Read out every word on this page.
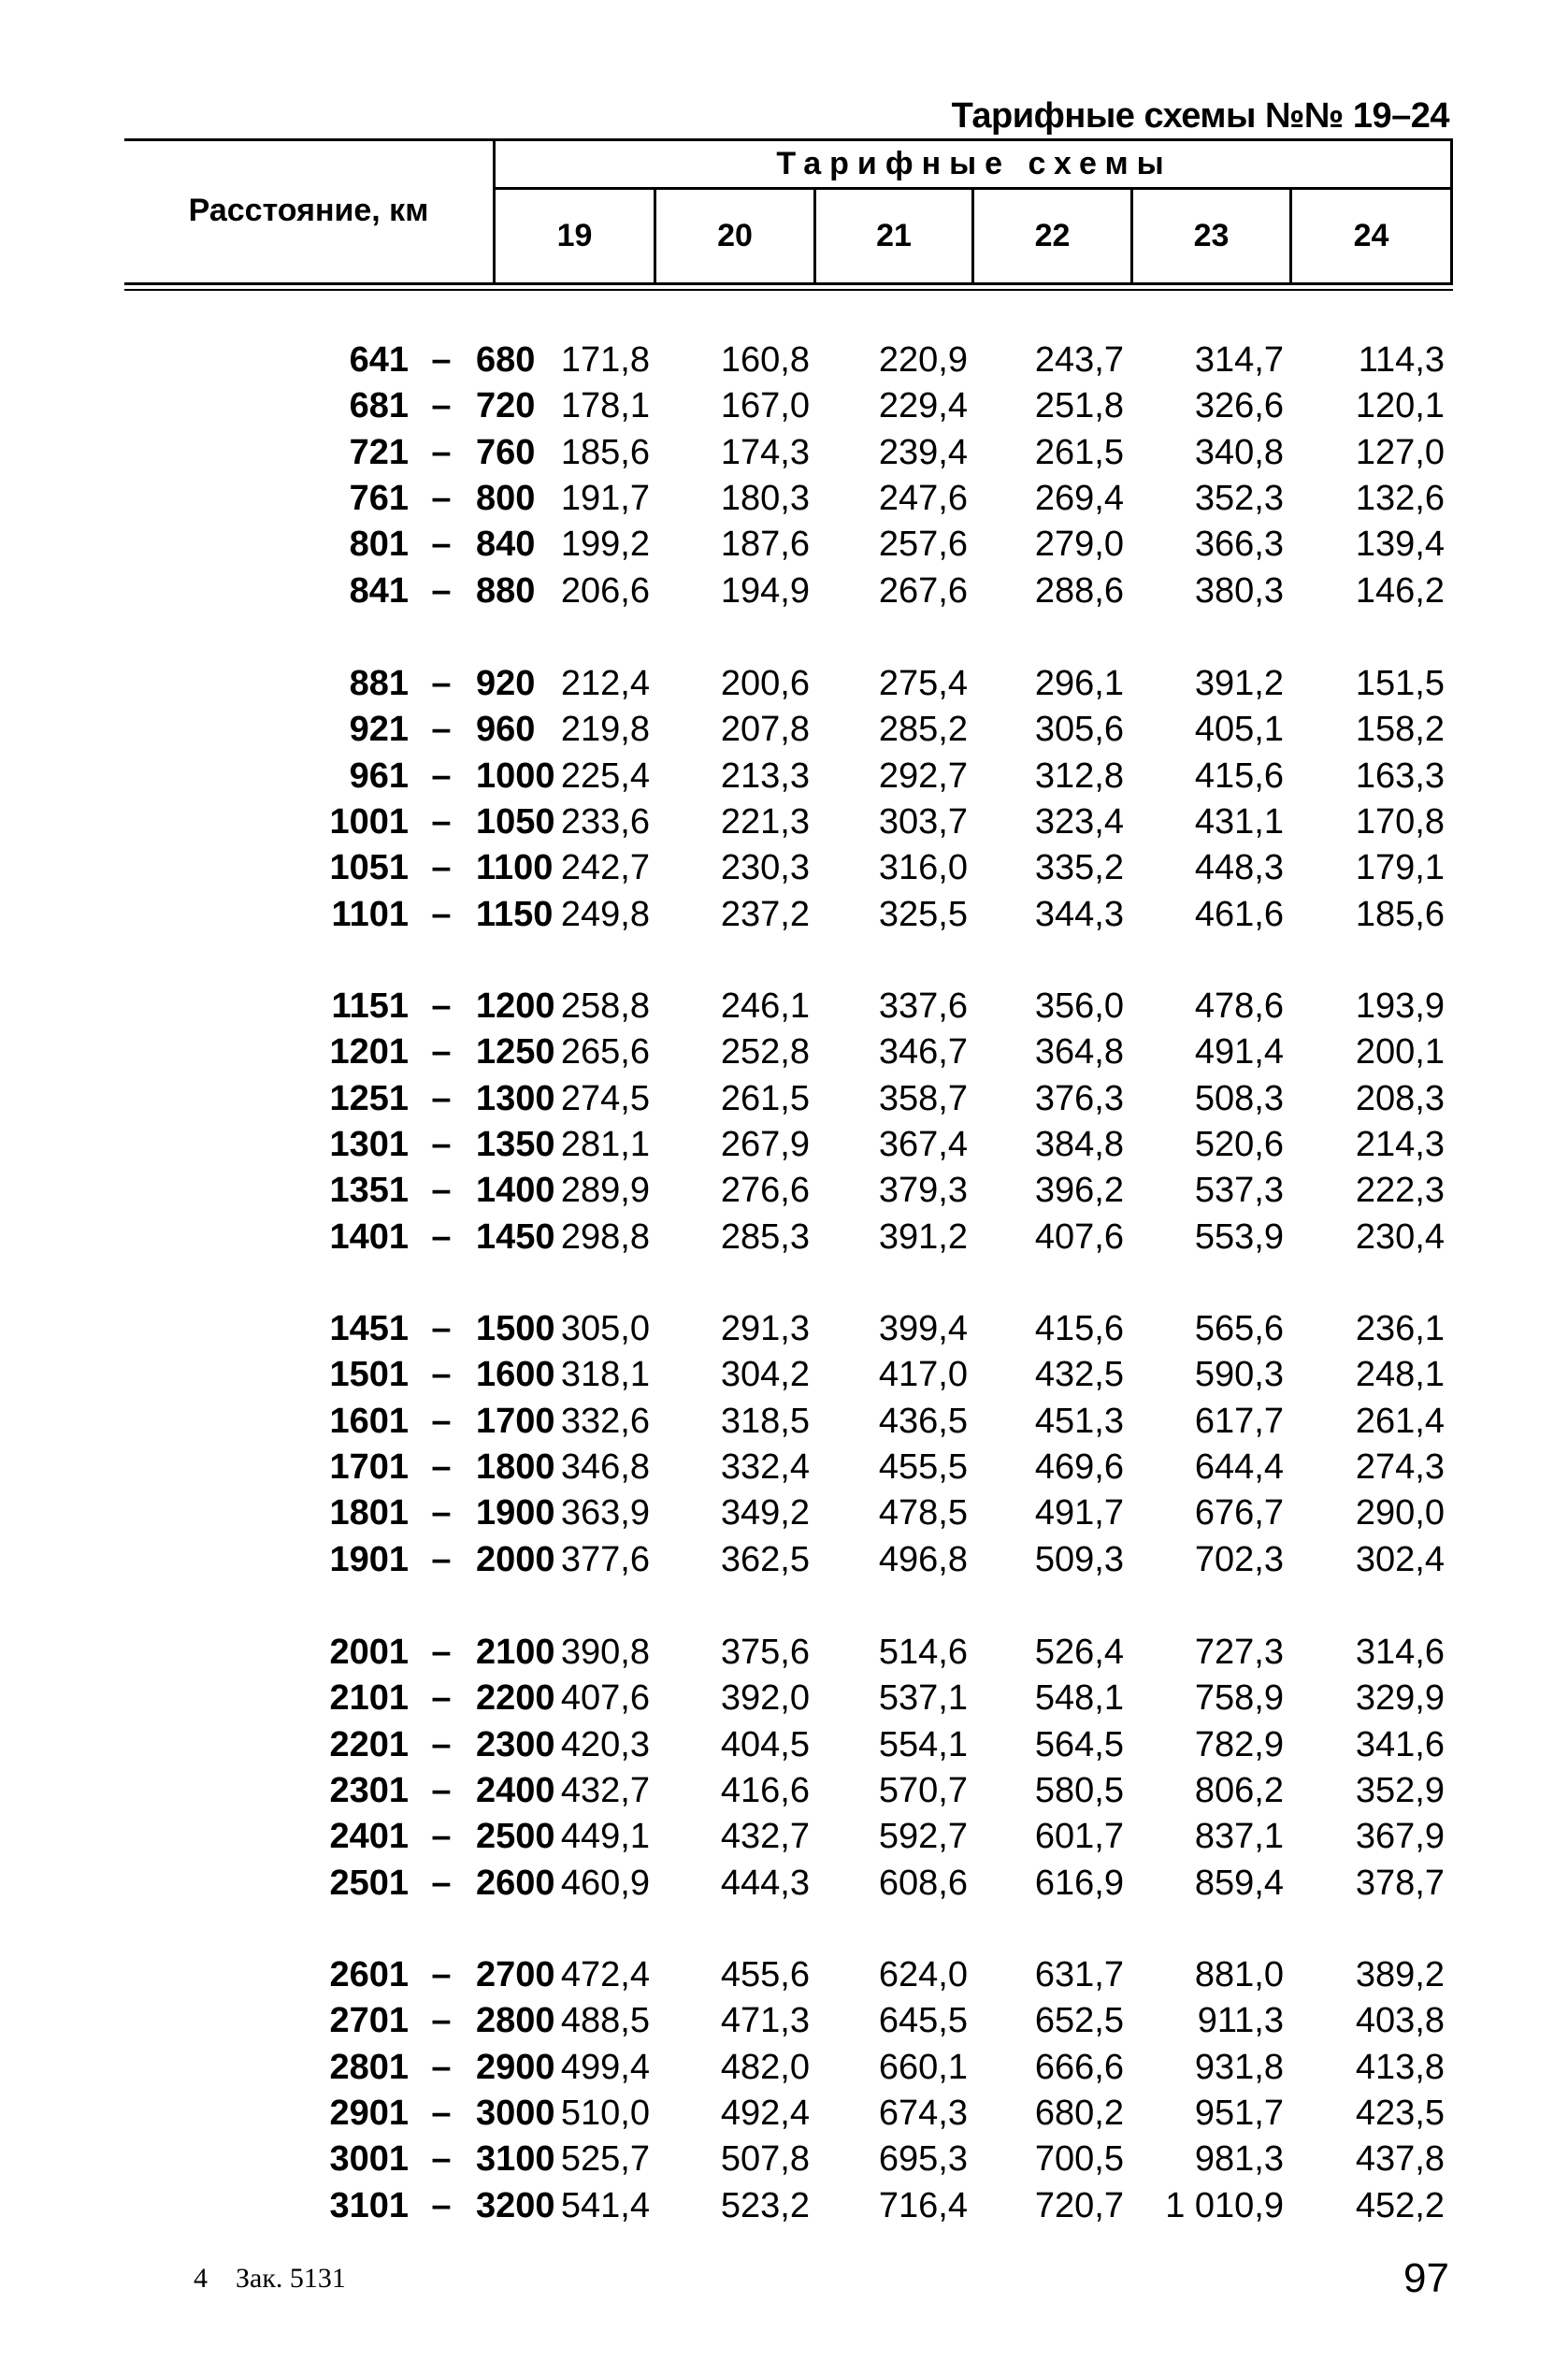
Тарифные схемы №№ 19–24
Расстояние, км
Тарифные схемы
19	20	21	22	23	24
641 – 680 171,8	160,8	220,9	243,7	314,7	114,3
681 – 720 178,1	167,0	229,4	251,8	326,6	120,1
721 – 760 185,6	174,3	239,4	261,5	340,8	127,0
761 – 800 191,7	180,3	247,6	269,4	352,3	132,6
801 – 840 199,2	187,6	257,6	279,0	366,3	139,4
841 – 880 206,6	194,9	267,6	288,6	380,3	146,2
881 – 920 212,4	200,6	275,4	296,1	391,2	151,5
921 – 960 219,8	207,8	285,2	305,6	405,1	158,2
961 – 1000 225,4	213,3	292,7	312,8	415,6	163,3
1001 – 1050 233,6	221,3	303,7	323,4	431,1	170,8
1051 – 1100 242,7	230,3	316,0	335,2	448,3	179,1
1101 – 1150 249,8	237,2	325,5	344,3	461,6	185,6
1151 – 1200 258,8	246,1	337,6	356,0	478,6	193,9
1201 – 1250 265,6	252,8	346,7	364,8	491,4	200,1
1251 – 1300 274,5	261,5	358,7	376,3	508,3	208,3
1301 – 1350 281,1	267,9	367,4	384,8	520,6	214,3
1351 – 1400 289,9	276,6	379,3	396,2	537,3	222,3
1401 – 1450 298,8	285,3	391,2	407,6	553,9	230,4
1451 – 1500 305,0	291,3	399,4	415,6	565,6	236,1
1501 – 1600 318,1	304,2	417,0	432,5	590,3	248,1
1601 – 1700 332,6	318,5	436,5	451,3	617,7	261,4
1701 – 1800 346,8	332,4	455,5	469,6	644,4	274,3
1801 – 1900 363,9	349,2	478,5	491,7	676,7	290,0
1901 – 2000 377,6	362,5	496,8	509,3	702,3	302,4
2001 – 2100 390,8	375,6	514,6	526,4	727,3	314,6
2101 – 2200 407,6	392,0	537,1	548,1	758,9	329,9
2201 – 2300 420,3	404,5	554,1	564,5	782,9	341,6
2301 – 2400 432,7	416,6	570,7	580,5	806,2	352,9
2401 – 2500 449,1	432,7	592,7	601,7	837,1	367,9
2501 – 2600 460,9	444,3	608,6	616,9	859,4	378,7
2601 – 2700 472,4	455,6	624,0	631,7	881,0	389,2
2701 – 2800 488,5	471,3	645,5	652,5	911,3	403,8
2801 – 2900 499,4	482,0	660,1	666,6	931,8	413,8
2901 – 3000 510,0	492,4	674,3	680,2	951,7	423,5
3001 – 3100 525,7	507,8	695,3	700,5	981,3	437,8
3101 – 3200 541,4	523,2	716,4	720,7	1 010,9	452,2
4    Зак. 5131	97
